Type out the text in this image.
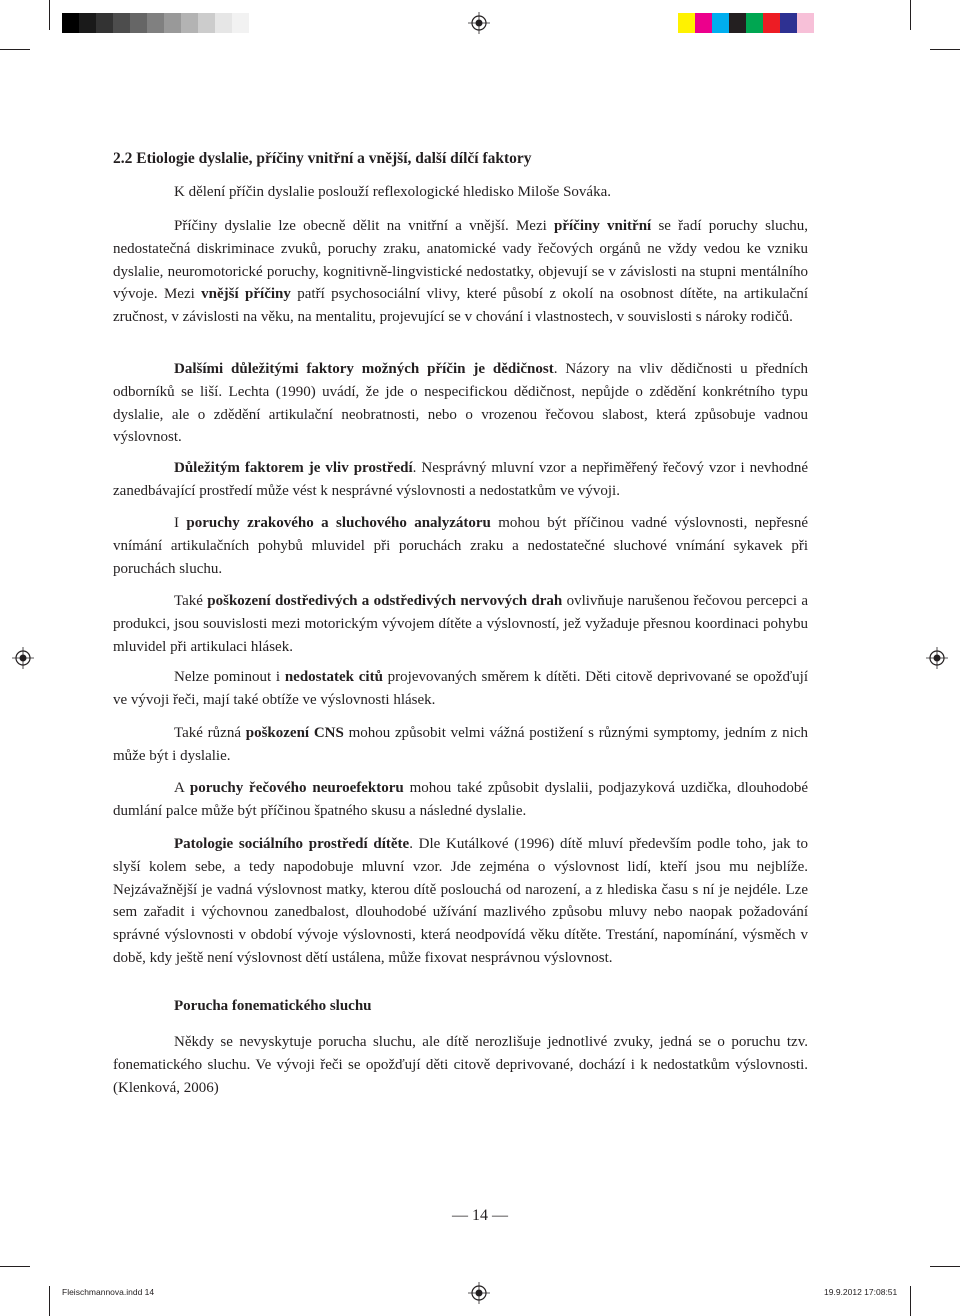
2.2 Etiologie dyslalie, příčiny vnitřní a vnější, další dílčí faktory
K dělení příčin dyslalie poslouží reflexologické hledisko Miloše Sováka.
Příčiny dyslalie lze obecně dělit na vnitřní a vnější. Mezi příčiny vnitřní se řadí poruchy sluchu, nedostatečná diskriminace zvuků, poruchy zraku, anatomické vady řečových orgánů ne vždy vedou ke vzniku dyslalie, neuromotorické poruchy, kognitivně-lingvistické nedostatky, objevují se v závislosti na stupni mentálního vývoje. Mezi vnější příčiny patří psychosociální vlivy, které působí z okolí na osobnost dítěte, na artikulační zručnost, v závislosti na věku, na mentalitu, projevující se v chování i vlastnostech, v souvislosti s nároky rodičů.
Dalšími důležitými faktory možných příčin je dědičnost. Názory na vliv dědičnosti u předních odborníků se liší. Lechta (1990) uvádí, že jde o nespecifickou dědičnost, nepůjde o zdědění konkrétního typu dyslalie, ale o zdědění artikulační neobratnosti, nebo o vrozenou řečovou slabost, která způsobuje vadnou výslovnost.
Důležitým faktorem je vliv prostředí. Nesprávný mluvní vzor a nepřiměřený řečový vzor i nevhodné zanedbávající prostředí může vést k nesprávné výslovnosti a nedostatkům ve vývoji.
I poruchy zrakového a sluchového analyzátoru mohou být příčinou vadné výslovnosti, nepřesné vnímání artikulačních pohybů mluvidel při poruchách zraku a nedostatečné sluchové vnímání sykavek při poruchách sluchu.
Také poškození dostředivých a odstředivých nervových drah ovlivňuje narušenou řečovou percepci a produkci, jsou souvislosti mezi motorickým vývojem dítěte a výslovností, jež vyžaduje přesnou koordinaci pohybu mluvidel při artikulaci hlásek.
Nelze pominout i nedostatek citů projevovaných směrem k dítěti. Děti citově deprivované se opožďují ve vývoji řeči, mají také obtíže ve výslovnosti hlásek.
Také různá poškození CNS mohou způsobit velmi vážná postižení s různými symptomy, jedním z nich může být i dyslalie.
A poruchy řečového neuroefektoru mohou také způsobit dyslalii, podjazyková uzdička, dlouhodobé dumlání palce může být příčinou špatného skusu a následné dyslalie.
Patologie sociálního prostředí dítěte. Dle Kutálkové (1996) dítě mluví především podle toho, jak to slyší kolem sebe, a tedy napodobuje mluvní vzor. Jde zejména o výslovnost lidí, kteří jsou mu nejblíže. Nejzávažnější je vadná výslovnost matky, kterou dítě poslouchá od narození, a z hlediska času s ní je nejdéle. Lze sem zařadit i výchovnou zanedbalost, dlouhodobé užívání mazlivého způsobu mluvy nebo naopak požadování správné výslovnosti v období vývoje výslovnosti, která neodpovídá věku dítěte. Trestání, napomínání, výsměch v době, kdy ještě není výslovnost dětí ustálena, může fixovat nesprávnou výslovnost.
Porucha fonematického sluchu
Někdy se nevyskytuje porucha sluchu, ale dítě nerozlišuje jednotlivé zvuky, jedná se o poruchu tzv. fonematického sluchu. Ve vývoji řeči se opožďují děti citově deprivované, dochází i k nedostatkům výslovnosti. (Klenková, 2006)
— 14 —
Fleischmannova.indd 14	19.9.2012 17:08:51
